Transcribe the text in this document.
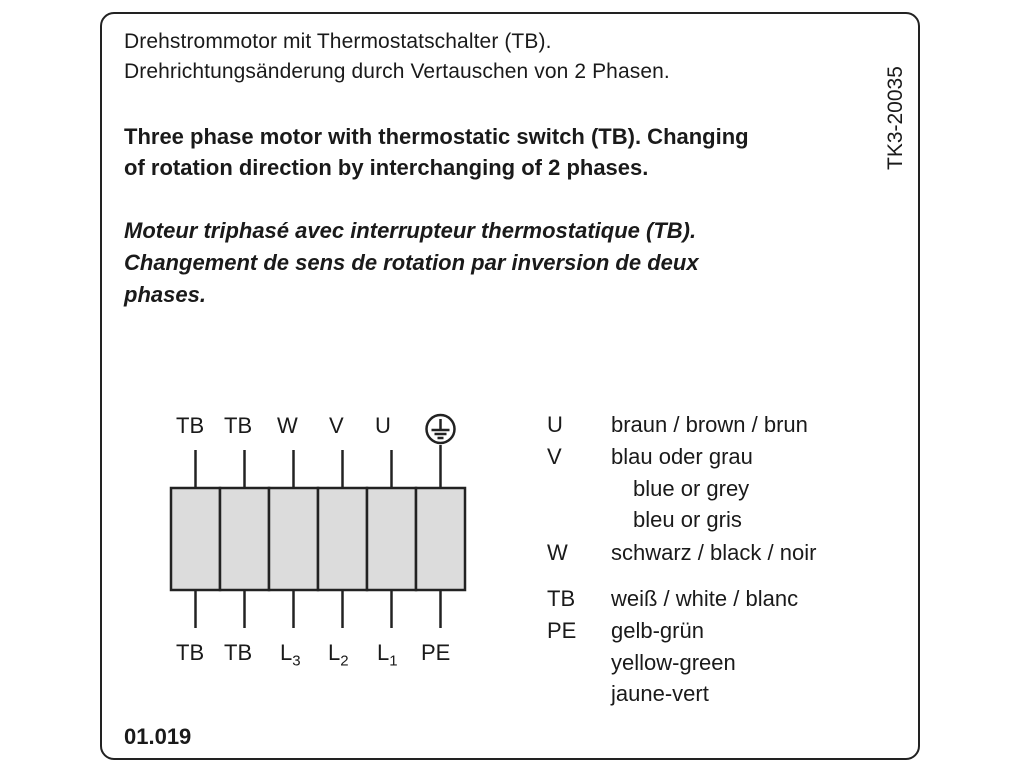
Drehstrommotor mit Thermostatschalter (TB).
Drehrichtungsänderung durch Vertauschen von 2 Phasen.
Three phase motor with thermostatic switch (TB). Changing
of rotation direction by interchanging of 2 phases.
Moteur triphasé avec interrupteur thermostatique (TB).
Changement de sens de rotation par inversion de deux
phases.
TK3-20035
TB TB W V U
TB TB $L_3$ $L_2$ $L_1$ PE
U braun / brown / brun
V blau oder grau
blue or grey
bleu or gris
W schwarz / black / noir
TB weiß / white / blanc
PE gelb-grün
yellow-green
jaune-vert
01.019
